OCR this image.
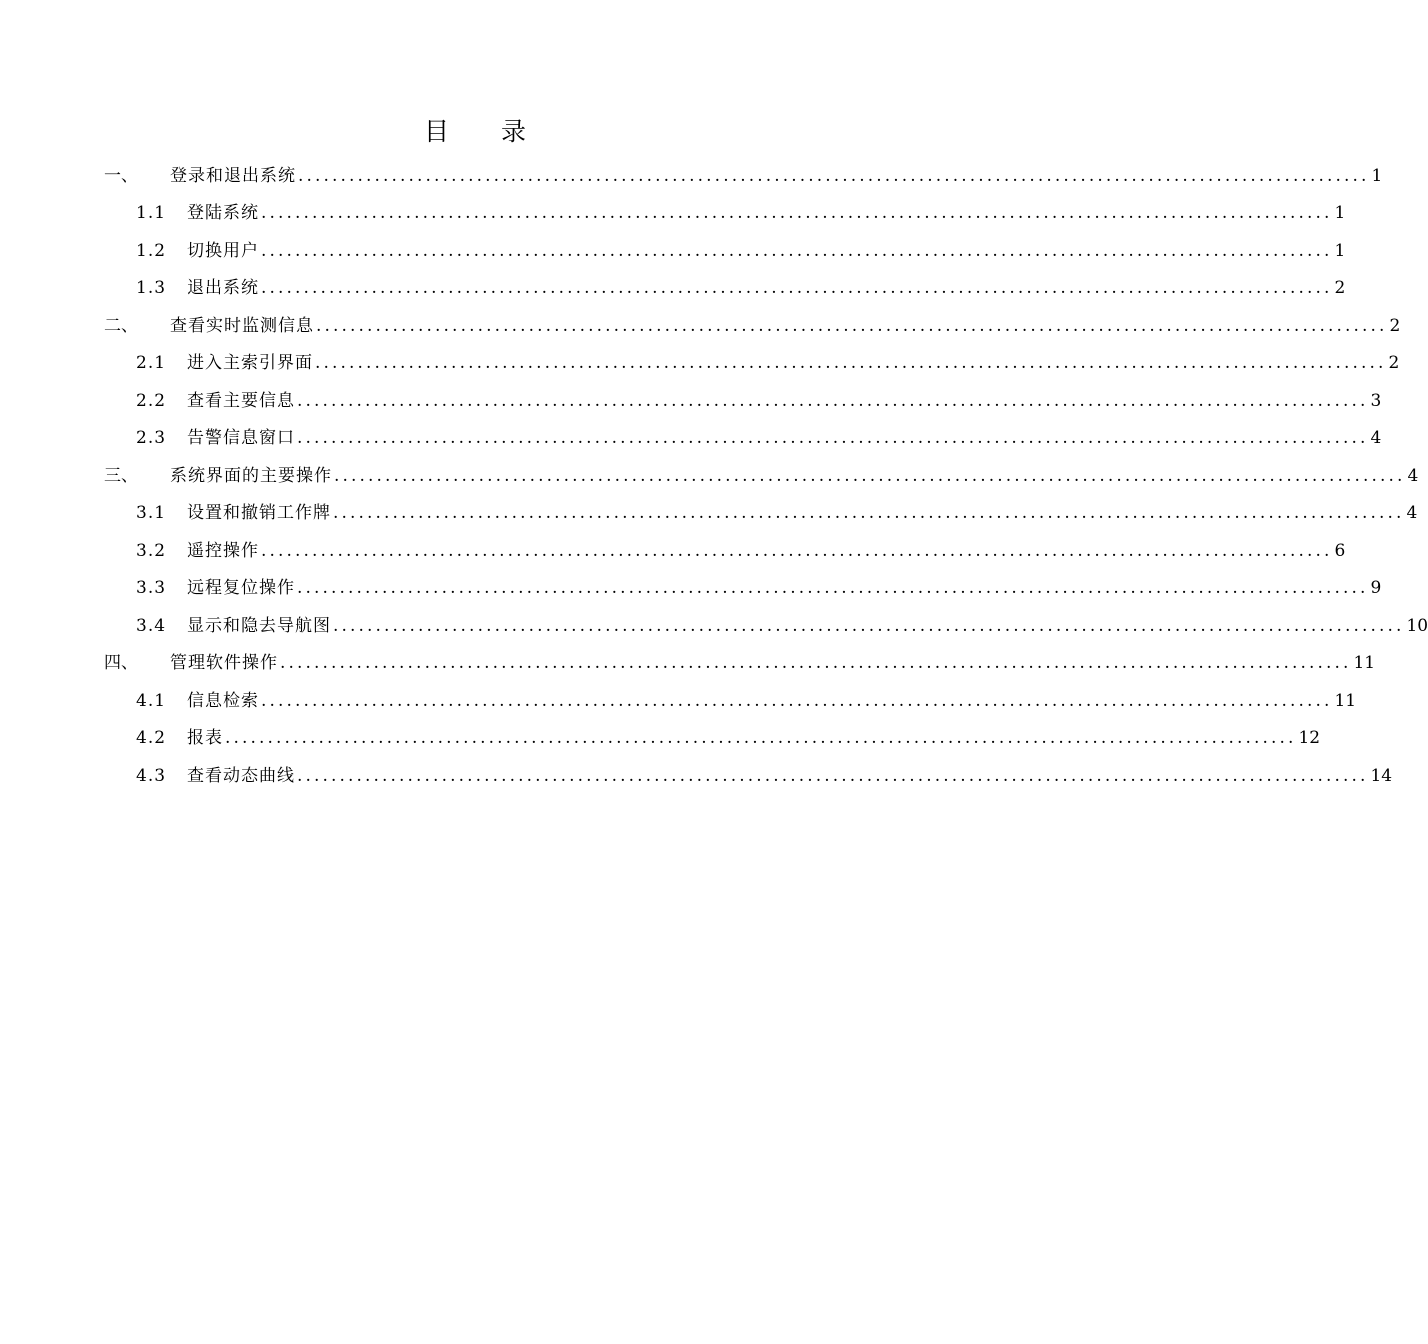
目 录
一、 登录和退出系统 .............................................................................................................................. 1
1.1 登陆系统 .............................................................................................................................. 1
1.2 切换用户 .............................................................................................................................. 1
1.3 退出系统 .............................................................................................................................. 2
二、 查看实时监测信息 .............................................................................................................................. 2
2.1 进入主索引界面 .............................................................................................................................. 2
2.2 查看主要信息 .............................................................................................................................. 3
2.3 告警信息窗口 .............................................................................................................................. 4
三、 系统界面的主要操作 .............................................................................................................................. 4
3.1 设置和撤销工作牌 .............................................................................................................................. 4
3.2 遥控操作 .............................................................................................................................. 6
3.3 远程复位操作 .............................................................................................................................. 9
3.4 显示和隐去导航图 .............................................................................................................................. 10
四、 管理软件操作 .............................................................................................................................. 11
4.1 信息检索 .............................................................................................................................. 11
4.2 报表 .............................................................................................................................. 12
4.3 查看动态曲线 .............................................................................................................................. 14
